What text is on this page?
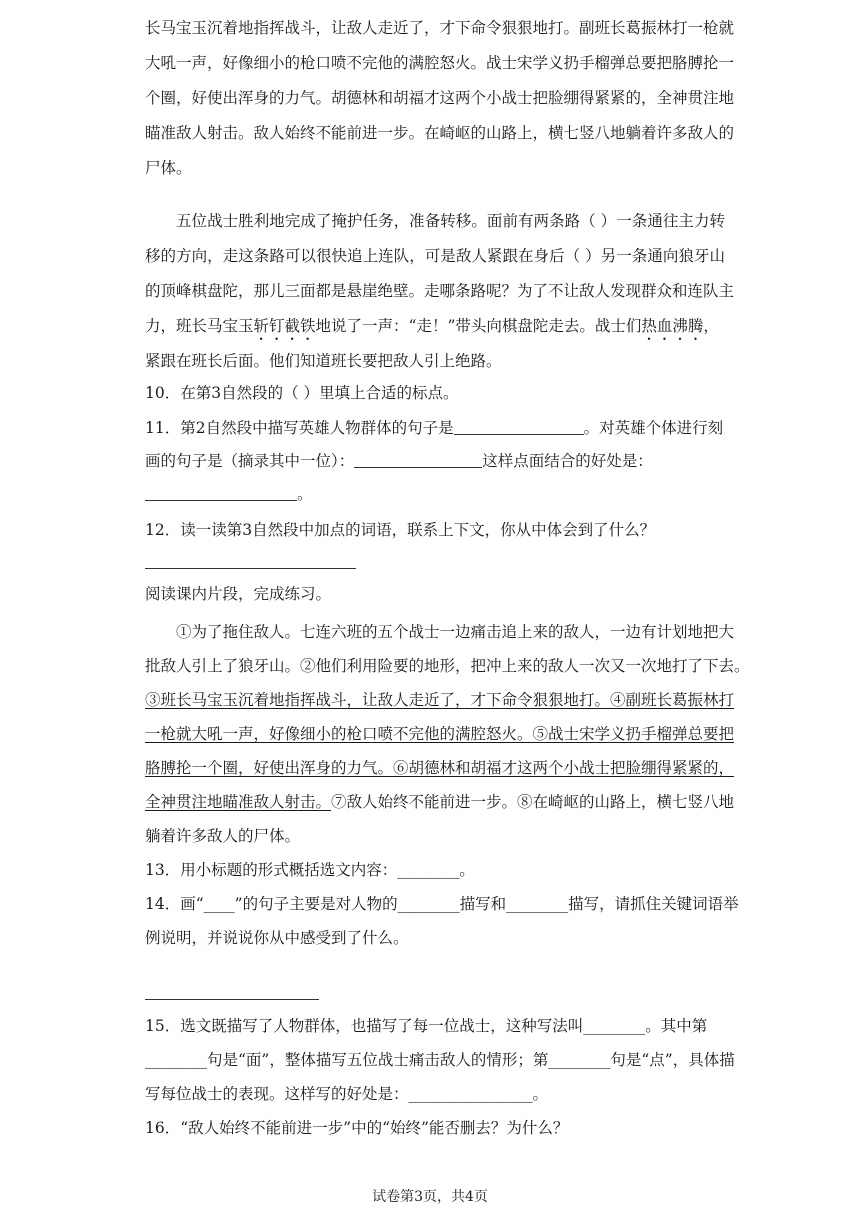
长马宝玉沉着地指挥战斗，让敌人走近了，才下命令狠狠地打。副班长葛振林打一枪就
大吼一声，好像细小的枪口喷不完他的满腔怒火。战士宋学义扔手榴弹总要把胳膊抡一
个圈，好使出浑身的力气。胡德林和胡福才这两个小战士把脸绷得紧紧的，全神贯注地
瞄准敌人射击。敌人始终不能前进一步。在崎岖的山路上，横七竖八地躺着许多敌人的
尸体。
五位战士胜利地完成了掩护任务，准备转移。面前有两条路（ ）一条通往主力转
移的方向，走这条路可以很快追上连队，可是敌人紧跟在身后（ ）另一条通向狼牙山
的顶峰棋盘陀，那儿三面都是悬崖绝壁。走哪条路呢？为了不让敌人发现群众和连队主
力，班长马宝玉斩钉截铁地说了一声：“走！”带头向棋盘陀走去。战士们热血沸腾，
紧跟在班长后面。他们知道班长要把敌人引上绝路。
10．在第3自然段的（ ）里填上合适的标点。
11．第2自然段中描写英雄人物群体的句子是	。对英雄个体进行刻
画的句子是（摘录其中一位）：	这样点面结合的好处是：
。
12．读一读第3自然段中加点的词语，联系上下文，你从中体会到了什么？
阅读课内片段，完成练习。
①为了拖住敌人。七连六班的五个战士一边痛击追上来的敌人，一边有计划地把大
批敌人引上了狼牙山。②他们利用险要的地形，把冲上来的敌人一次又一次地打了下去。
③班长马宝玉沉着地指挥战斗，让敌人走近了，才下命令狠狠地打。④副班长葛振林打
一枪就大吼一声，好像细小的枪口喷不完他的满腔怒火。⑤战士宋学义扔手榴弹总要把
胳膊抡一个圈，好使出浑身的力气。⑥胡德林和胡福才这两个小战士把脸绷得紧紧的，
全神贯注地瞄准敌人射击。⑦敌人始终不能前进一步。⑧在崎岖的山路上，横七竖八地
躺着许多敌人的尸体。
13．用小标题的形式概括选文内容：________。
14．画“____”的句子主要是对人物的________描写和________描写，请抓住关键词语举
例说明，并说说你从中感受到了什么。
15．选文既描写了人物群体，也描写了每一位战士，这种写法叫________。其中第
________句是“面”，整体描写五位战士痛击敌人的情形；第________句是“点”，具体描
写每位战士的表现。这样写的好处是：________________。
16．“敌人始终不能前进一步”中的“始终”能否删去？为什么？
试卷第3页，共4页
